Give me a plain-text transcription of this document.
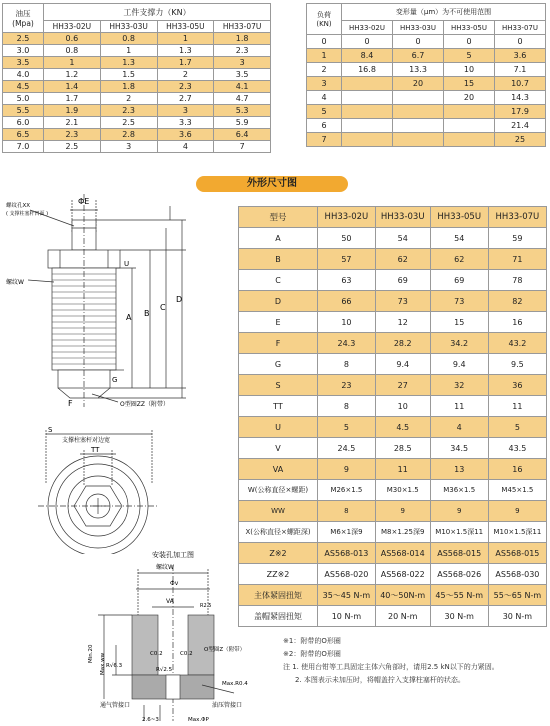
油压
(Mpa)	工件支撑力（KN）			
	HH33-02U	HH33-03U	HH33-05U	HH33-07U
2.5	0.6	0.8	1	1.8
3.0	0.8	1	1.3	2.3
3.5	1	1.3	1.7	3
4.0	1.2	1.5	2	3.5
4.5	1.4	1.8	2.3	4.1
5.0	1.7	2	2.7	4.7
5.5	1.9	2.3	3	5.3
6.0	2.1	2.5	3.3	5.9
6.5	2.3	2.8	3.6	6.4
7.0	2.5	3	4	7
负荷
(KN)	变形量（μm）为不可使用范围			
	HH33-02U	HH33-03U	HH33-05U	HH33-07U
0	0	0	0	0
1	8.4	6.7	5	3.6
2	16.8	13.3	10	7.1
3		20	15	10.7
4			20	14.3
5				17.9
6				21.4
7				25
外形尺寸图
ΦE
螺纹孔XX
( 支撑柱塞杆凹面 )
螺纹W
U
A B
C
D
G
F	O型圈ZZ（附带）
S
支撑柱塞杆对边宽
TT
安装孔加工图
螺纹W
Φv
VA
R2.5
C0.2	C0.2
O型圈Z（附带）
Min.20 Max.ww R√6.3
R√2.5
Max.R0.4
通气管接口	油压管接口
2.6~3	Max.ΦP
型号	HH33-02U	HH33-03U	HH33-05U	HH33-07U
A	50	54	54	59
B	57	62	62	71
C	63	69	69	78
D	66	73	73	82
E	10	12	15	16
F	24.3	28.2	34.2	43.2
G	8	9.4	9.4	9.5
S	23	27	32	36
TT	8	10	11	11
U	5	4.5	4	5
V	24.5	28.5	34.5	43.5
VA	9	11	13	16
W(公称直径×螺距)	M26×1.5	M30×1.5	M36×1.5	M45×1.5
WW	8	9	9	9
X(公称直径×螺距深)	M6×1深9	M8×1.25深9	M10×1.5深11	M10×1.5深11
Z※2	AS568-013	AS568-014	AS568-015	AS568-015
ZZ※2	AS568-020	AS568-022	AS568-026	AS568-030
主体紧固扭矩	35～45 N-m	40～50N-m	45～55 N-m	55～65 N-m
盖帽紧固扭矩	10 N-m	20 N-m	30 N-m	30 N-m
※1：附带的O形圈
※2：附带的O形圈
注 1. 使用台钳等工具固定主体六角部时，请用2.5 kN以下的力紧固。
2. 本图表示未加压时，将帽盖拧入支撑柱塞杆的状态。
